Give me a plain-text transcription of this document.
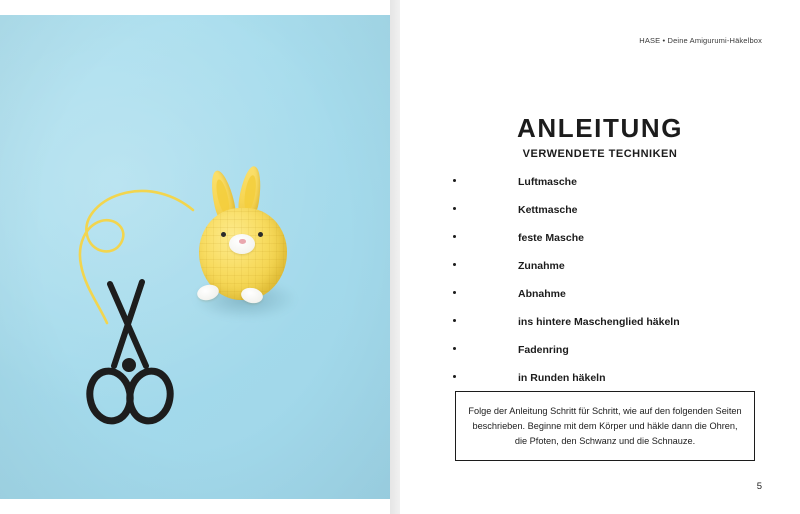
HASE • Deine Amigurumi-Häkelbox
ANLEITUNG
VERWENDETE TECHNIKEN
Luftmasche
Kettmasche
feste Masche
Zunahme
Abnahme
ins hintere Maschenglied häkeln
Fadenring
in Runden häkeln

Folge der Anleitung Schritt für Schritt, wie auf den folgenden Seiten beschrieben. Beginne mit dem Körper und häkle dann die Ohren, die Pfoten, den Schwanz und die Schnauze.

5
